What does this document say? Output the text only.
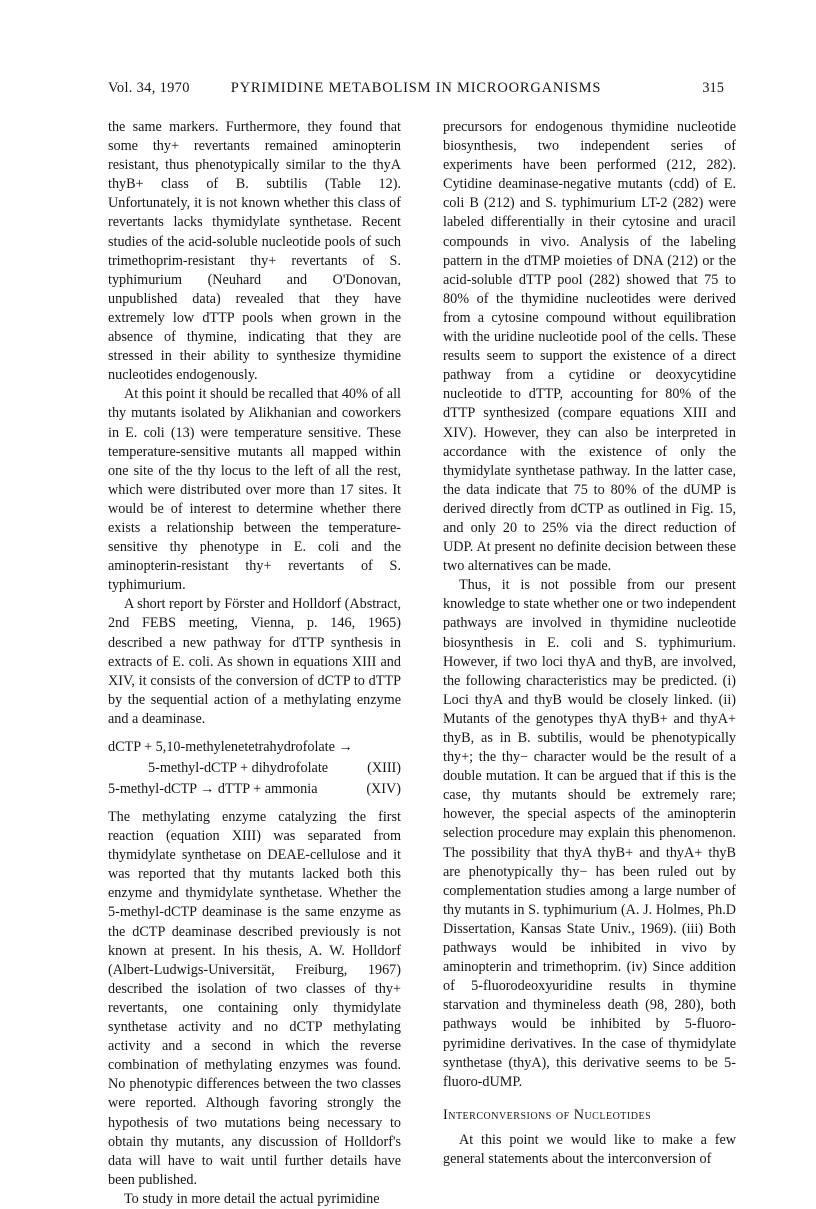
Vol. 34, 1970	PYRIMIDINE METABOLISM IN MICROORGANISMS	315

the same markers. Furthermore, they found that some thy+ revertants remained aminopterin resistant, thus phenotypically similar to the thyA thyB+ class of B. subtilis (Table 12). Unfortunately, it is not known whether this class of revertants lacks thymidylate synthetase. Recent studies of the acid-soluble nucleotide pools of such trimethoprim-resistant thy+ revertants of S. typhimurium (Neuhard and O'Donovan, unpublished data) revealed that they have extremely low dTTP pools when grown in the absence of thymine, indicating that they are stressed in their ability to synthesize thymidine nucleotides endogenously.

At this point it should be recalled that 40% of all thy mutants isolated by Alikhanian and coworkers in E. coli (13) were temperature sensitive. These temperature-sensitive mutants all mapped within one site of the thy locus to the left of all the rest, which were distributed over more than 17 sites. It would be of interest to determine whether there exists a relationship between the temperature-sensitive thy phenotype in E. coli and the aminopterin-resistant thy+ revertants of S. typhimurium.

A short report by Förster and Holldorf (Abstract, 2nd FEBS meeting, Vienna, p. 146, 1965) described a new pathway for dTTP synthesis in extracts of E. coli. As shown in equations XIII and XIV, it consists of the conversion of dCTP to dTTP by the sequential action of a methylating enzyme and a deaminase.

dCTP + 5,10-methylenetetrahydrofolate →
5-methyl-dCTP + dihydrofolate	(XIII)
5-methyl-dCTP → dTTP + ammonia	(XIV)

The methylating enzyme catalyzing the first reaction (equation XIII) was separated from thymidylate synthetase on DEAE-cellulose and it was reported that thy mutants lacked both this enzyme and thymidylate synthetase. Whether the 5-methyl-dCTP deaminase is the same enzyme as the dCTP deaminase described previously is not known at present. In his thesis, A. W. Holldorf (Albert-Ludwigs-Universität, Freiburg, 1967) described the isolation of two classes of thy+ revertants, one containing only thymidylate synthetase activity and no dCTP methylating activity and a second in which the reverse combination of methylating enzymes was found. No phenotypic differences between the two classes were reported. Although favoring strongly the hypothesis of two mutations being necessary to obtain thy mutants, any discussion of Holldorf's data will have to wait until further details have been published.

To study in more detail the actual pyrimidine

precursors for endogenous thymidine nucleotide biosynthesis, two independent series of experiments have been performed (212, 282). Cytidine deaminase-negative mutants (cdd) of E. coli B (212) and S. typhimurium LT-2 (282) were labeled differentially in their cytosine and uracil compounds in vivo. Analysis of the labeling pattern in the dTMP moieties of DNA (212) or the acid-soluble dTTP pool (282) showed that 75 to 80% of the thymidine nucleotides were derived from a cytosine compound without equilibration with the uridine nucleotide pool of the cells. These results seem to support the existence of a direct pathway from a cytidine or deoxycytidine nucleotide to dTTP, accounting for 80% of the dTTP synthesized (compare equations XIII and XIV). However, they can also be interpreted in accordance with the existence of only the thymidylate synthetase pathway. In the latter case, the data indicate that 75 to 80% of the dUMP is derived directly from dCTP as outlined in Fig. 15, and only 20 to 25% via the direct reduction of UDP. At present no definite decision between these two alternatives can be made.

Thus, it is not possible from our present knowledge to state whether one or two independent pathways are involved in thymidine nucleotide biosynthesis in E. coli and S. typhimurium. However, if two loci thyA and thyB, are involved, the following characteristics may be predicted. (i) Loci thyA and thyB would be closely linked. (ii) Mutants of the genotypes thyA thyB+ and thyA+ thyB, as in B. subtilis, would be phenotypically thy+; the thy− character would be the result of a double mutation. It can be argued that if this is the case, thy mutants should be extremely rare; however, the special aspects of the aminopterin selection procedure may explain this phenomenon. The possibility that thyA thyB+ and thyA+ thyB are phenotypically thy− has been ruled out by complementation studies among a large number of thy mutants in S. typhimurium (A. J. Holmes, Ph.D Dissertation, Kansas State Univ., 1969). (iii) Both pathways would be inhibited in vivo by aminopterin and trimethoprim. (iv) Since addition of 5-fluorodeoxyuridine results in thymine starvation and thymineless death (98, 280), both pathways would be inhibited by 5-fluoro-pyrimidine derivatives. In the case of thymidylate synthetase (thyA), this derivative seems to be 5-fluoro-dUMP.

Interconversions of Nucleotides

At this point we would like to make a few general statements about the interconversion of
